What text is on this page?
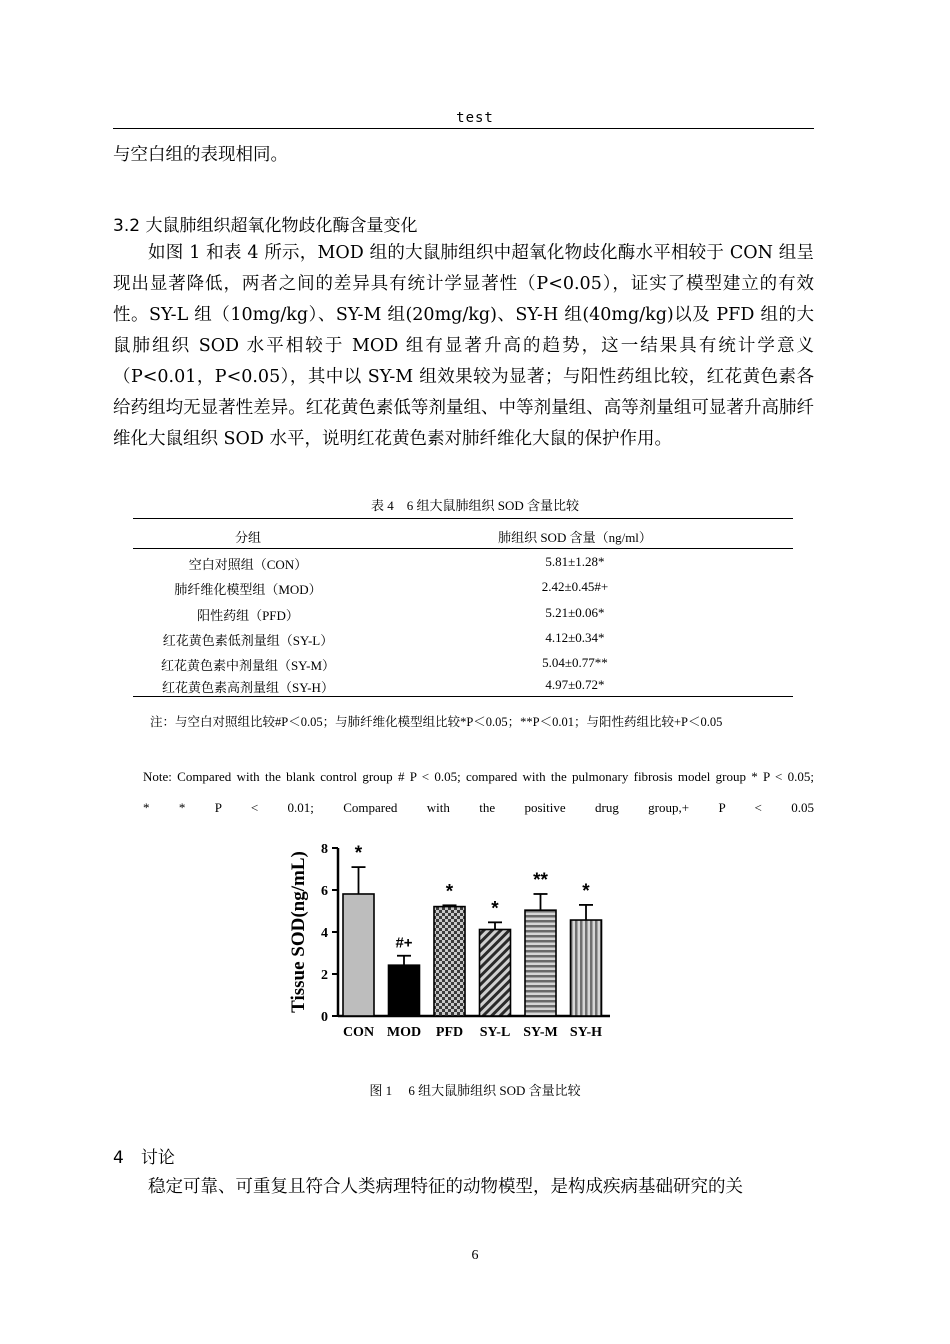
test
与空白组的表现相同。
3.2 大鼠肺组织超氧化物歧化酶含量变化
如图 1 和表 4 所示，MOD 组的大鼠肺组织中超氧化物歧化酶水平相较于 CON 组呈现出显著降低，两者之间的差异具有统计学显著性（P<0.05），证实了模型建立的有效性。SY-L 组（10mg/kg）、SY-M 组(20mg/kg)、SY-H 组(40mg/kg)以及 PFD 组的大鼠肺组织 SOD 水平相较于 MOD 组有显著升高的趋势，这一结果具有统计学意义（P<0.01，P<0.05），其中以 SY-M 组效果较为显著；与阳性药组比较，红花黄色素各给药组均无显著性差异。红花黄色素低等剂量组、中等剂量组、高等剂量组可显著升高肺纤维化大鼠组织 SOD 水平，说明红花黄色素对肺纤维化大鼠的保护作用。
表 4　6 组大鼠肺组织 SOD 含量比较
分组	肺组织 SOD 含量（ng/ml）
空白对照组（CON）	5.81±1.28*
肺纤维化模型组（MOD）	2.42±0.45#+
阳性药组（PFD）	5.21±0.06*
红花黄色素低剂量组（SY-L）	4.12±0.34*
红花黄色素中剂量组（SY-M）	5.04±0.77**
红花黄色素高剂量组（SY-H）	4.97±0.72*
注：与空白对照组比较#P＜0.05；与肺纤维化模型组比较*P＜0.05；**P＜0.01；与阳性药组比较+P＜0.05
Note: Compared with the blank control group # P < 0.05; compared with the pulmonary fibrosis model group * P < 0.05; * * P < 0.01; Compared with the positive drug group,+ P < 0.05
0
2
4
6
8 *
#+
*
*
**
*
CON MOD PFD SY-L SY-M SY-H
Tissue SOD(ng/mL)
图 1　 6 组大鼠肺组织 SOD 含量比较
4　讨论
稳定可靠、可重复且符合人类病理特征的动物模型，是构成疾病基础研究的关
6
